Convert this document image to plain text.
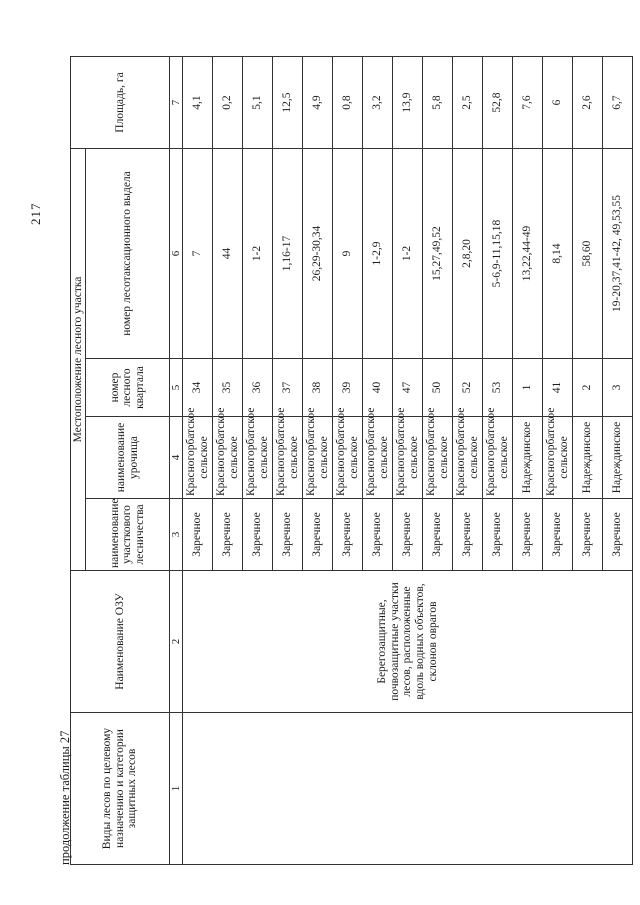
217
продолжение таблицы 27	Виды лесов по целевому назначению и категории защитных лесов	Наименование ОЗУ	Местоположение лесного участка				Площадь, га
		наименование участкового лесничества	наименование урочища	номер лесного квартала	номер лесотаксационного выдела	
1	2	3	4	5	6	7
	Берегозащитные, почвозащитные участки лесов, расположенные вдоль водных объектов, склонов оврагов	Заречное	Красногорбатское сельское	34	7	4,1
		Заречное	Красногорбатское сельское	35	44	0,2
		Заречное	Красногорбатское сельское	36	1-2	5,1
		Заречное	Красногорбатское сельское	37	1,16-17	12,5
		Заречное	Красногорбатское сельское	38	26,29-30,34	4,9
		Заречное	Красногорбатское сельское	39	9	0,8
		Заречное	Красногорбатское сельское	40	1-2,9	3,2
		Заречное	Красногорбатское сельское	47	1-2	13,9
		Заречное	Красногорбатское сельское	50	15,27,49,52	5,8
		Заречное	Красногорбатское сельское	52	2,8,20	2,5
		Заречное	Красногорбатское сельское	53	5-6,9-11,15,18	52,8
		Заречное	Надеждинское	1	13,22,44-49	7,6
		Заречное	Красногорбатское сельское	41	8,14	6
		Заречное	Надеждинское	2	58,60	2,6
		Заречное	Надеждинское	3	19-20,37,41-42, 49,53,55	6,7
